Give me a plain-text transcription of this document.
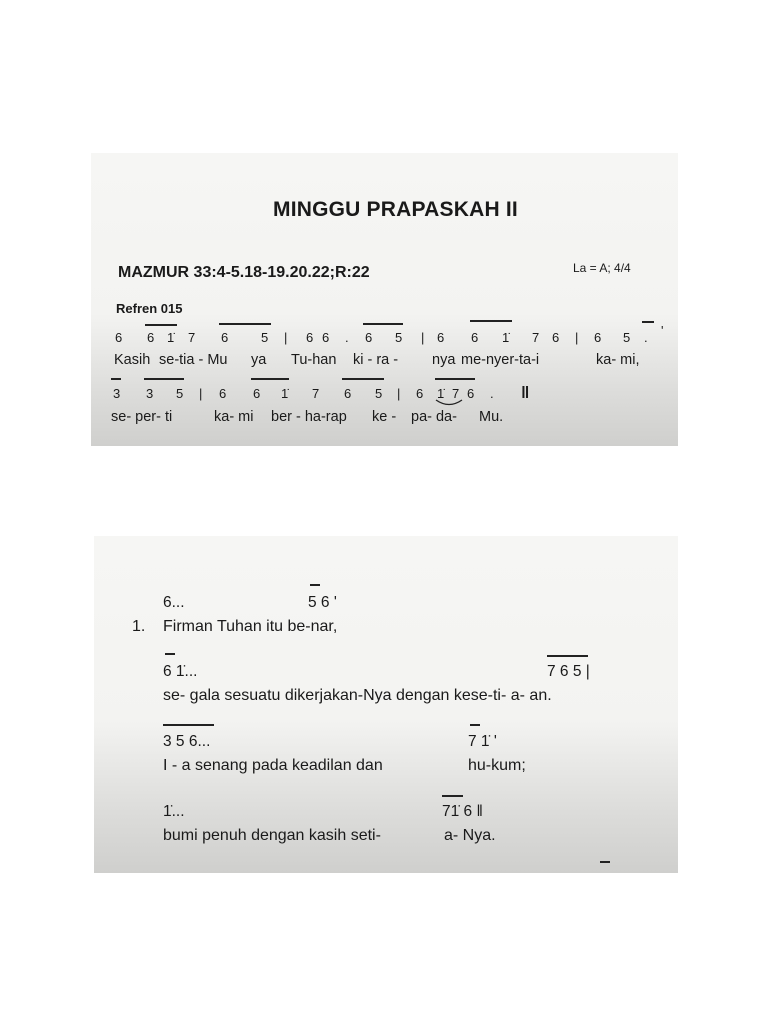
MINGGU PRAPASKAH II
MAZMUR 33:4-5.18-19.20.22;R:22	La = A; 4/4
Refren 015
6 6 1̇ 7 6	5 | 6 6 . 6 5 | 6 6 1̇ 7 6 | 6 5 . '
Kasih se-tia - Mu ya Tu-han ki - ra - nya me-nyer-ta-i	ka- mi,
3 3 5 | 6 6 1̇ 7 6 5 | 6 1̇ 7 6 . ‖
se- per- ti	ka- mi ber - ha-rap ke - pa- da- Mu.
6...	5 6 '
1. Firman Tuhan itu be-nar,
6 1̇...	7 6 5 |
se- gala sesuatu dikerjakan-Nya dengan kese-ti- a- an.
3 5 6...	7 1̇ '
I - a senang pada keadilan dan	hu-kum;
1̇...	71̇ 6 ‖
bumi penuh dengan kasih seti-	a- Nya.
